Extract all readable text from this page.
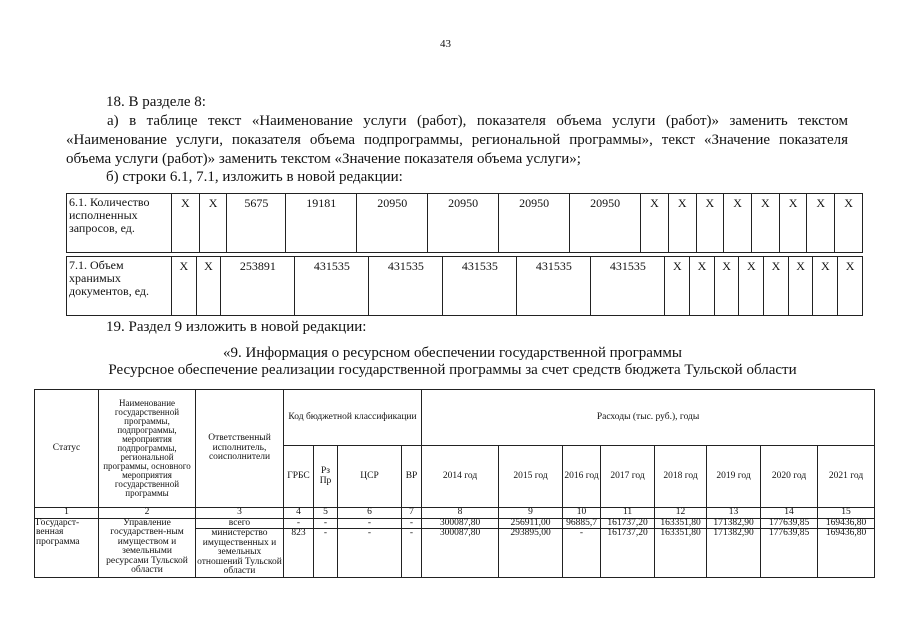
43
18. В разделе 8:
а) в таблице текст «Наименование услуги (работ), показателя объема услуги (работ)» заменить текстом
«Наименование услуги, показателя объема подпрограммы, региональной программы», текст «Значение показателя
объема услуги (работ)» заменить текстом «Значение показателя объема услуги»;
б) строки 6.1, 7.1, изложить в новой редакции:
6.1. Количество исполненных запросов, ед.	X	X	5675	19181	20950	20950	20950	20950	X	X	X	X	X	X	X	X
7.1. Объем хранимых документов, ед.	X	X	253891	431535	431535	431535	431535	431535	X	X	X	X	X	X	X	X
19. Раздел 9 изложить в новой редакции:
«9. Информация о ресурсном обеспечении государственной программы
Ресурсное обеспечение реализации государственной программы за счет средств бюджета Тульской области
Статус	Наименование государственной программы, подпрограммы, мероприятия подпрограммы, региональной программы, основного мероприятия государственной программы	Ответственный исполнитель, соисполнители	Код бюджетной классификации				Расходы (тыс. руб.), годы							
			ГРБС	Рз Пр	ЦСР	ВР	2014 год	2015 год	2016 год	2017 год	2018 год	2019 год	2020 год	2021 год
1	2	3	4	5	6	7	8	9	10	11	12	13	14	15
Государст-венная программа	Управление государствен-ным имуществом и земельными ресурсами Тульской области	всего	-	-	-	-	300087,80	256911,00	96885,7	161737,20	163351,80	171382,90	177639,85	169436,80
		министерство имущественных и земельных отношений Тульской области	823	-	-	-	300087,80	293895,00	-	161737,20	163351,80	171382,90	177639,85	169436,80
